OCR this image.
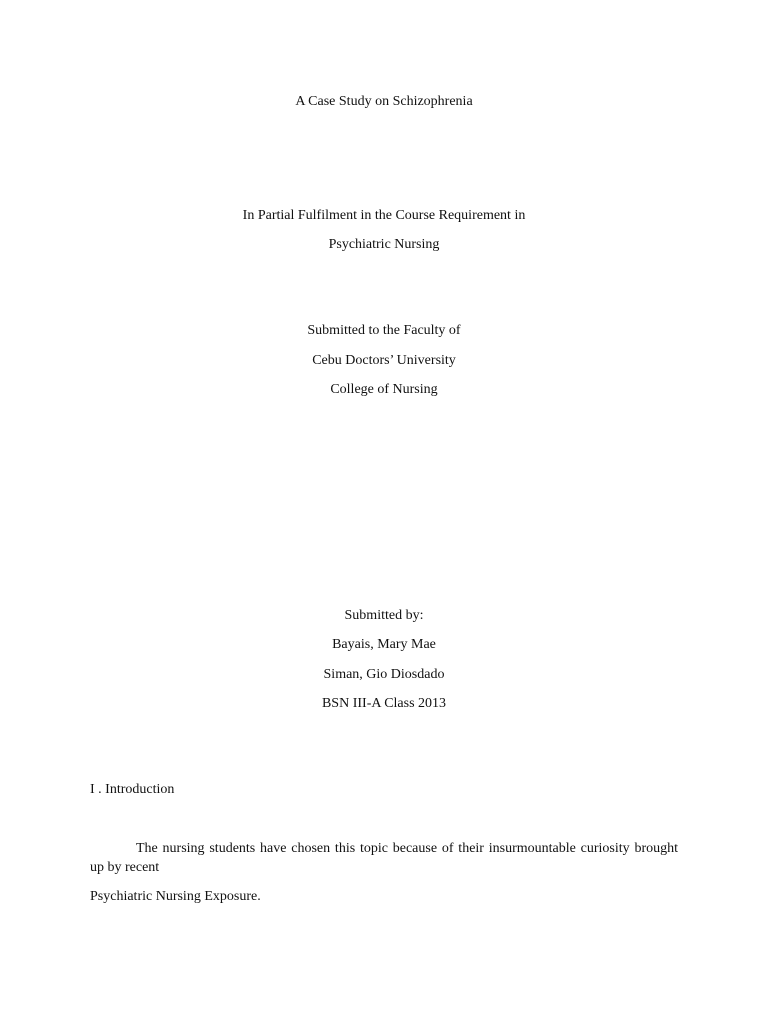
A Case Study on Schizophrenia
In Partial Fulfilment in the Course Requirement in
Psychiatric Nursing
Submitted to the Faculty of
Cebu Doctors’ University
College of Nursing
Submitted by:
Bayais, Mary Mae
Siman, Gio Diosdado
BSN III-A Class 2013
I . Introduction
The nursing students have chosen this topic because of their insurmountable curiosity brought up by recent
Psychiatric Nursing Exposure.
